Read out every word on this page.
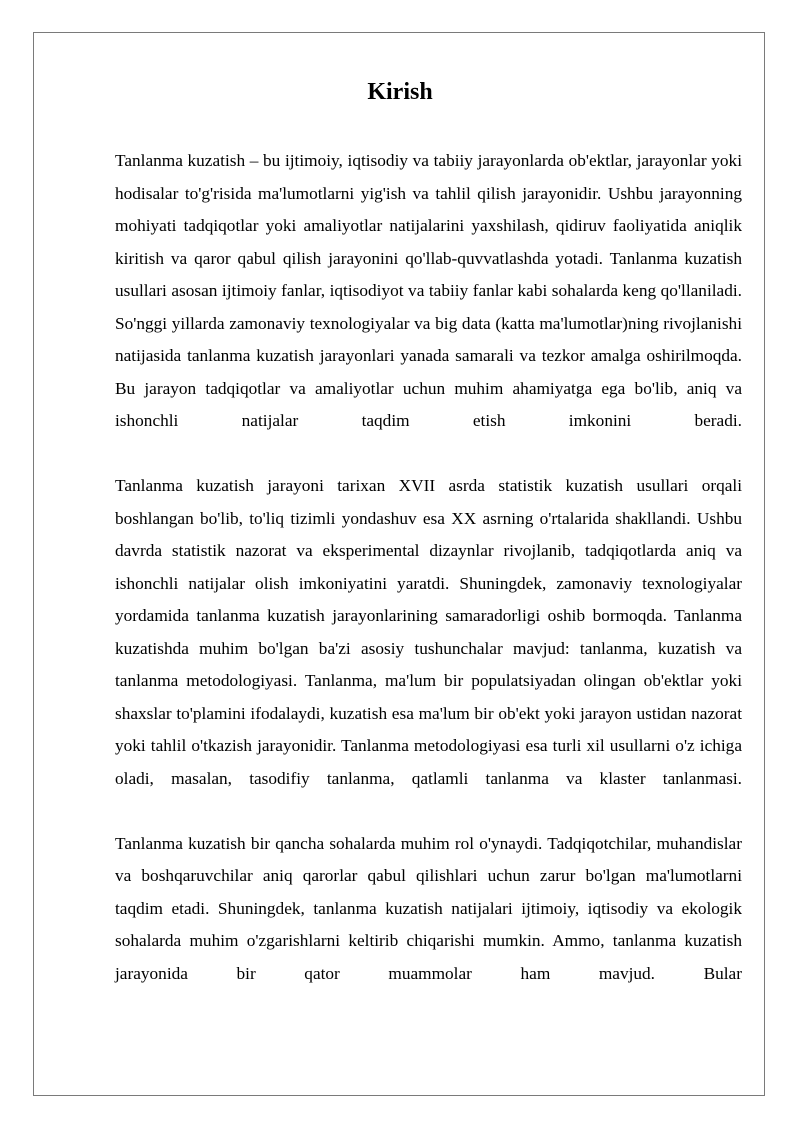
Kirish

Tanlanma kuzatish – bu ijtimoiy, iqtisodiy va tabiiy jarayonlarda ob'ektlar, jarayonlar yoki hodisalar to'g'risida ma'lumotlarni yig'ish va tahlil qilish jarayonidir. Ushbu jarayonning mohiyati tadqiqotlar yoki amaliyotlar natijalarini yaxshilash, qidiruv faoliyatida aniqlik kiritish va qaror qabul qilish jarayonini qo'llab-quvvatlashda yotadi. Tanlanma kuzatish usullari asosan ijtimoiy fanlar, iqtisodiyot va tabiiy fanlar kabi sohalarda keng qo'llaniladi. So'nggi yillarda zamonaviy texnologiyalar va big data (katta ma'lumotlar)ning rivojlanishi natijasida tanlanma kuzatish jarayonlari yanada samarali va tezkor amalga oshirilmoqda. Bu jarayon tadqiqotlar va amaliyotlar uchun muhim ahamiyatga ega bo'lib, aniq va ishonchli natijalar taqdim etish imkonini beradi.

Tanlanma kuzatish jarayoni tarixan XVII asrda statistik kuzatish usullari orqali boshlangan bo'lib, to'liq tizimli yondashuv esa XX asrning o'rtalarida shakllandi. Ushbu davrda statistik nazorat va eksperimental dizaynlar rivojlanib, tadqiqotlarda aniq va ishonchli natijalar olish imkoniyatini yaratdi. Shuningdek, zamonaviy texnologiyalar yordamida tanlanma kuzatish jarayonlarining samaradorligi oshib bormoqda. Tanlanma kuzatishda muhim bo'lgan ba'zi asosiy tushunchalar mavjud: tanlanma, kuzatish va tanlanma metodologiyasi. Tanlanma, ma'lum bir populatsiyadan olingan ob'ektlar yoki shaxslar to'plamini ifodalaydi, kuzatish esa ma'lum bir ob'ekt yoki jarayon ustidan nazorat yoki tahlil o'tkazish jarayonidir. Tanlanma metodologiyasi esa turli xil usullarni o'z ichiga oladi, masalan, tasodifiy tanlanma, qatlamli tanlanma va klaster tanlanmasi.

Tanlanma kuzatish bir qancha sohalarda muhim rol o'ynaydi. Tadqiqotchilar, muhandislar va boshqaruvchilar aniq qarorlar qabul qilishlari uchun zarur bo'lgan ma'lumotlarni taqdim etadi. Shuningdek, tanlanma kuzatish natijalari ijtimoiy, iqtisodiy va ekologik sohalarda muhim o'zgarishlarni keltirib chiqarishi mumkin. Ammo, tanlanma kuzatish jarayonida bir qator muammolar ham mavjud. Bular
